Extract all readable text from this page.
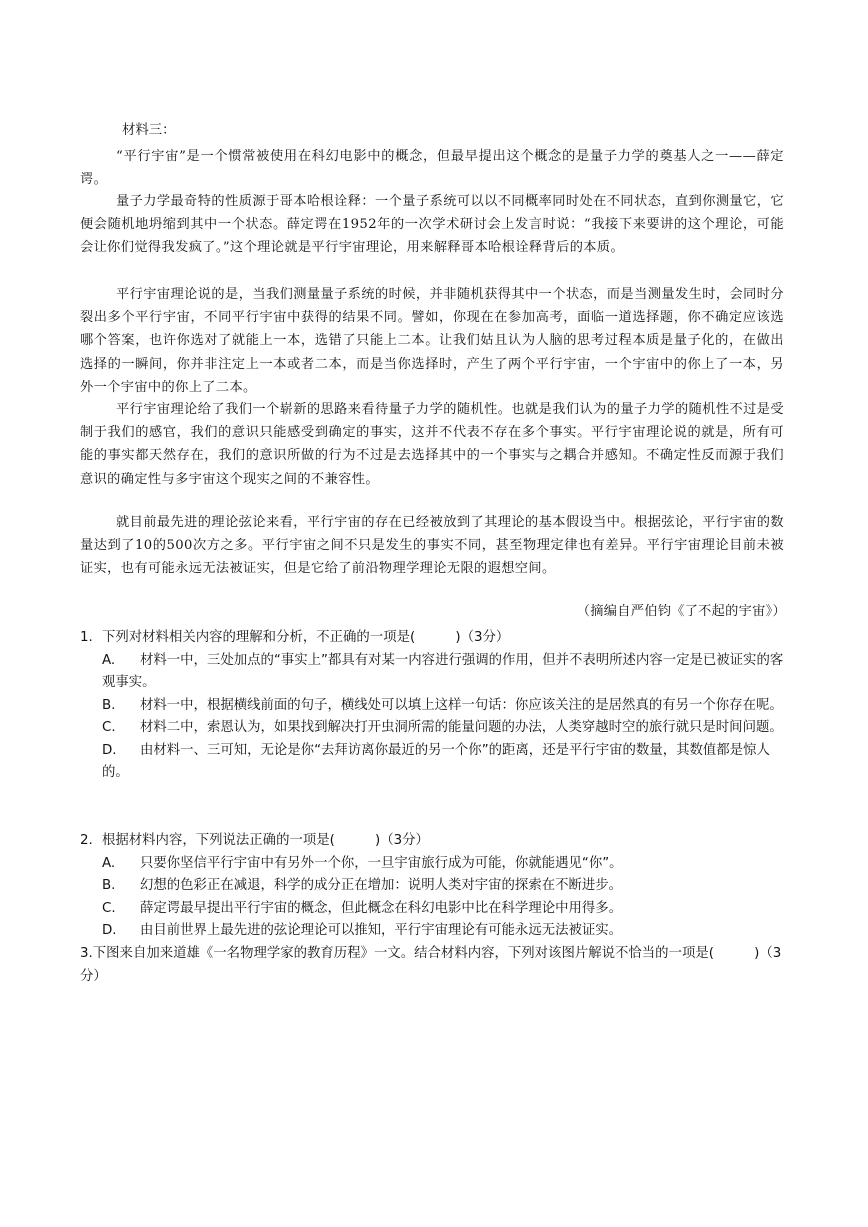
材料三：

“平行宇宙”是一个惯常被使用在科幻电影中的概念，但最早提出这个概念的是量子力学的奠基人之一——薛定谔。

量子力学最奇特的性质源于哥本哈根诠释：一个量子系统可以以不同概率同时处在不同状态，直到你测量它，它便会随机地坍缩到其中一个状态。薛定谔在1952年的一次学术研讨会上发言时说：“我接下来要讲的这个理论，可能会让你们觉得我发疯了。”这个理论就是平行宇宙理论，用来解释哥本哈根诠释背后的本质。

平行宇宙理论说的是，当我们测量量子系统的时候，并非随机获得其中一个状态，而是当测量发生时，会同时分裂出多个平行宇宙，不同平行宇宙中获得的结果不同。譬如，你现在在参加高考，面临一道选择题，你不确定应该选哪个答案，也许你选对了就能上一本，选错了只能上二本。让我们姑且认为人脑的思考过程本质是量子化的，在做出选择的一瞬间，你并非注定上一本或者二本，而是当你选择时，产生了两个平行宇宙，一个宇宙中的你上了一本，另外一个宇宙中的你上了二本。

平行宇宙理论给了我们一个崭新的思路来看待量子力学的随机性。也就是我们认为的量子力学的随机性不过是受制于我们的感官，我们的意识只能感受到确定的事实，这并不代表不存在多个事实。平行宇宙理论说的就是，所有可能的事实都天然存在，我们的意识所做的行为不过是去选择其中的一个事实与之耦合并感知。不确定性反而源于我们意识的确定性与多宇宙这个现实之间的不兼容性。

就目前最先进的理论弦论来看，平行宇宙的存在已经被放到了其理论的基本假设当中。根据弦论，平行宇宙的数量达到了10的500次方之多。平行宇宙之间不只是发生的事实不同，甚至物理定律也有差异。平行宇宙理论目前未被证实，也有可能永远无法被证实，但是它给了前沿物理学理论无限的遐想空间。

（摘编自严伯钧《了不起的宇宙》）

1. 下列对材料相关内容的理解和分析，不正确的一项是(　　　)（3分）
A. 材料一中，三处加点的“事实上”都具有对某一内容进行强调的作用，但并不表明所述内容一定是已被证实的客观事实。
B. 材料一中，根据横线前面的句子，横线处可以填上这样一句话：你应该关注的是居然真的有另一个你存在呢。
C. 材料二中，索恩认为，如果找到解决打开虫洞所需的能量问题的办法，人类穿越时空的旅行就只是时间问题。
D. 由材料一、三可知，无论是你“去拜访离你最近的另一个你”的距离，还是平行宇宙的数量，其数值都是惊人的。
2. 根据材料内容，下列说法正确的一项是(　　　)（3分）
A. 只要你坚信平行宇宙中有另外一个你，一旦宇宙旅行成为可能，你就能遇见“你”。
B. 幻想的色彩正在减退，科学的成分正在增加：说明人类对宇宙的探索在不断进步。
C. 薛定谔最早提出平行宇宙的概念，但此概念在科幻电影中比在科学理论中用得多。
D. 由目前世界上最先进的弦论理论可以推知，平行宇宙理论有可能永远无法被证实。
3.下图来自加来道雄《一名物理学家的教育历程》一文。结合材料内容，下列对该图片解说不恰当的一项是(　　　)（3分）
